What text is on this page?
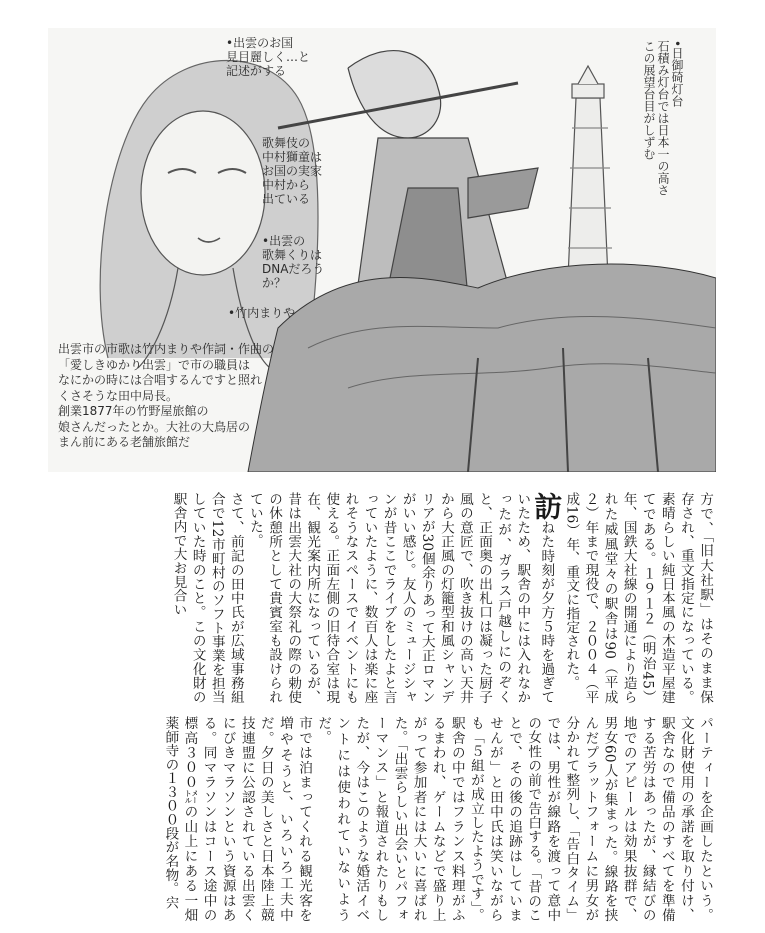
•出雲のお国
見目麗しく…と
記述がする
歌舞伎の
中村獅童は
お国の実家
中村から
出ている
•出雲の
歌舞くりは
DNAだろう
か？
•日御碕灯台
石積み灯台では日本一の高さ
この展望台目がしずむ
•竹内まりや
出雲市の市歌は竹内まりや作詞・作曲の
「愛しきゆかり出雲」で市の職員は
なにかの時には合唱するんですと照れ
くさそうな田中局長。
創業1877年の竹野屋旅館の
娘さんだったとか。大社の大鳥居の
まん前にある老舗旅館だ

方で、「旧大社駅」はそのまま保存され、重文指定になっている。素晴らしい純日本風の木造平屋建てである。１９１２（明治45）年、国鉄大社線の開通により造られた威風堂々の駅舎は90（平成２）年まで現役で、２００４（平成16）年、重文に指定された。

訪ねた時刻が夕方５時を過ぎていたため、駅舎の中には入れなかったが、ガラス戸越しにのぞくと、正面奥の出札口は凝った厨子風の意匠で、吹き抜けの高い天井から大正風の灯籠型和風シャンデリアが30個余りあって大正ロマンがいい感じ。友人のミュージシャンが昔ここでライブをしたよと言っていたように、数百人は楽に座れそうなスペースでイベントにも使える。正面左側の旧待合室は現在、観光案内所になっているが、昔は出雲大社の大祭礼の際の勅使の休憩所として貴賓室も設けられていた。

さて、前記の田中氏が広域事務組合で12市町村のソフト事業を担当していた時のこと。この文化財の駅舎内で大お見合い

パーティーを企画したという。文化財使用の承諾を取り付け、駅舎なので備品のすべてを準備する苦労はあったが、縁結びの地でのアピールは効果抜群で、男女60人が集まった。線路を挟んだプラットフォームに男女が分かれて整列し、「告白タイム」では、男性が線路を渡って意中の女性の前で告白する。「昔のことで、その後の追跡はしていませんが」と田中氏は笑いながらも「５組が成立したようです」。駅舎の中ではフランス料理がふるまわれ、ゲームなどで盛り上がって参加者には大いに喜ばれた。「出雲らしい出会いとパフォーマンス」と報道されたりもしたが、今はこのような婚活イベントには使われていないようだ。

市では泊まってくれる観光客を増やそうと、いろいろ工夫中だ。夕日の美しさと日本陸上競技連盟に公認されている出雲くにびきマラソンという資源はある。同マラソンはコース途中の標高３００㍍の山上にある一畑薬師寺の１３００段が名物。宍
